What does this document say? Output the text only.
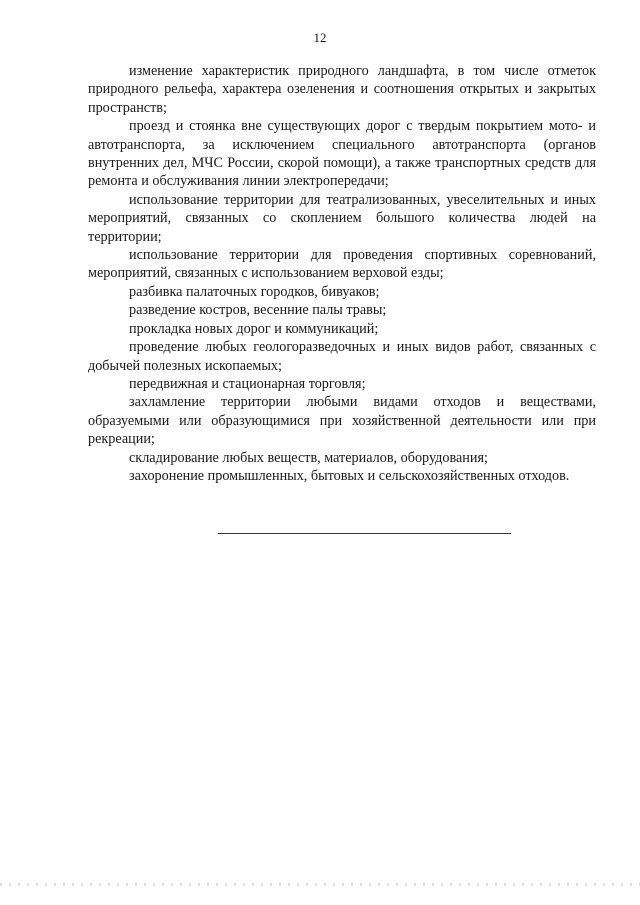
12

изменение характеристик природного ландшафта, в том числе отметок природного рельефа, характера озеленения и соотношения открытых и закрытых пространств;

проезд и стоянка вне существующих дорог с твердым покрытием мото- и автотранспорта, за исключением специального автотранспорта (органов внутренних дел, МЧС России, скорой помощи), а также транспортных средств для ремонта и обслуживания линии электропередачи;

использование территории для театрализованных, увеселительных и иных мероприятий, связанных со скоплением большого количества людей на территории;

использование территории для проведения спортивных соревнований, мероприятий, связанных с использованием верховой езды;

разбивка палаточных городков, бивуаков;

разведение костров, весенние палы травы;

прокладка новых дорог и коммуникаций;

проведение любых геологоразведочных и иных видов работ, связанных с добычей полезных ископаемых;

передвижная и стационарная торговля;

захламление территории любыми видами отходов и веществами, образуемыми или образующимися при хозяйственной деятельности или при рекреации;

складирование любых веществ, материалов, оборудования;

захоронение промышленных, бытовых и сельскохозяйственных отходов.
